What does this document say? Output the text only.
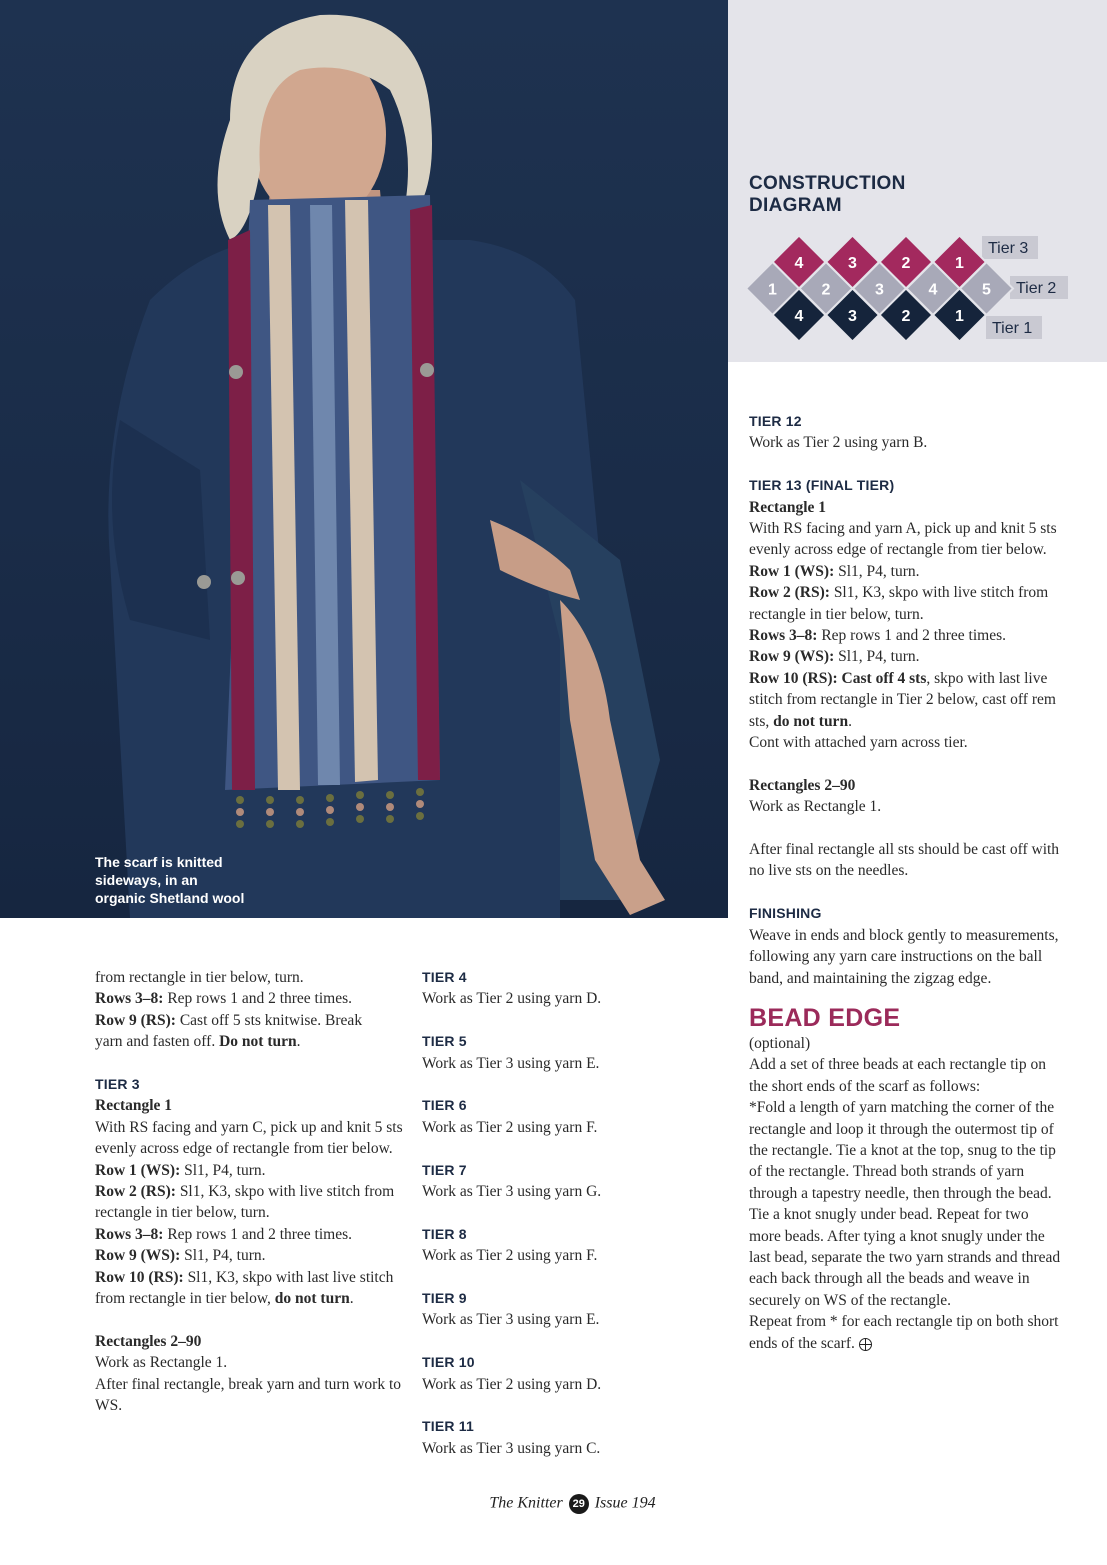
The scarf is knitted
sideways, in an
organic Shetland wool
CONSTRUCTION
DIAGRAM
Tier 3
Tier 2
Tier 1
4	3	2	1
1	2	3	4	5
4	3	2	1

from rectangle in tier below, turn.

Rows 3–8: Rep rows 1 and 2 three times.

Row 9 (RS): Cast off 5 sts knitwise. Break

yarn and fasten off. Do not turn.

TIER 3

Rectangle 1

With RS facing and yarn C, pick up and knit 5 sts evenly across edge of rectangle from tier below.

Row 1 (WS): Sl1, P4, turn.

Row 2 (RS): Sl1, K3, skpo with live stitch from rectangle in tier below, turn.

Rows 3–8: Rep rows 1 and 2 three times.

Row 9 (WS): Sl1, P4, turn.

Row 10 (RS): Sl1, K3, skpo with last live stitch from rectangle in tier below, do not turn.

Rectangles 2–90

Work as Rectangle 1.

After final rectangle, break yarn and turn work to WS.

TIER 4

Work as Tier 2 using yarn D.

TIER 5

Work as Tier 3 using yarn E.

TIER 6

Work as Tier 2 using yarn F.

TIER 7

Work as Tier 3 using yarn G.

TIER 8

Work as Tier 2 using yarn F.

TIER 9

Work as Tier 3 using yarn E.

TIER 10

Work as Tier 2 using yarn D.

TIER 11

Work as Tier 3 using yarn C.

TIER 12

Work as Tier 2 using yarn B.

TIER 13 (FINAL TIER)

Rectangle 1

With RS facing and yarn A, pick up and knit 5 sts evenly across edge of rectangle from tier below.

Row 1 (WS): Sl1, P4, turn.

Row 2 (RS): Sl1, K3, skpo with live stitch from rectangle in tier below, turn.

Rows 3–8: Rep rows 1 and 2 three times.

Row 9 (WS): Sl1, P4, turn.

Row 10 (RS): Cast off 4 sts, skpo with last live stitch from rectangle in Tier 2 below, cast off rem sts, do not turn.

Cont with attached yarn across tier.

Rectangles 2–90

Work as Rectangle 1.

After final rectangle all sts should be cast off with no live sts on the needles.

FINISHING

Weave in ends and block gently to measurements, following any yarn care instructions on the ball band, and maintaining the zigzag edge.

BEAD EDGE

(optional)

Add a set of three beads at each rectangle tip on the short ends of the scarf as follows:

*Fold a length of yarn matching the corner of the rectangle and loop it through the outermost tip of the rectangle. Tie a knot at the top, snug to the tip of the rectangle. Thread both strands of yarn through a tapestry needle, then through the bead. Tie a knot snugly under bead. Repeat for two more beads. After tying a knot snugly under the last bead, separate the two yarn strands and thread each back through all the beads and weave in securely on WS of the rectangle.

Repeat from * for each rectangle tip on both short ends of the scarf.

The Knitter 29 Issue 194
